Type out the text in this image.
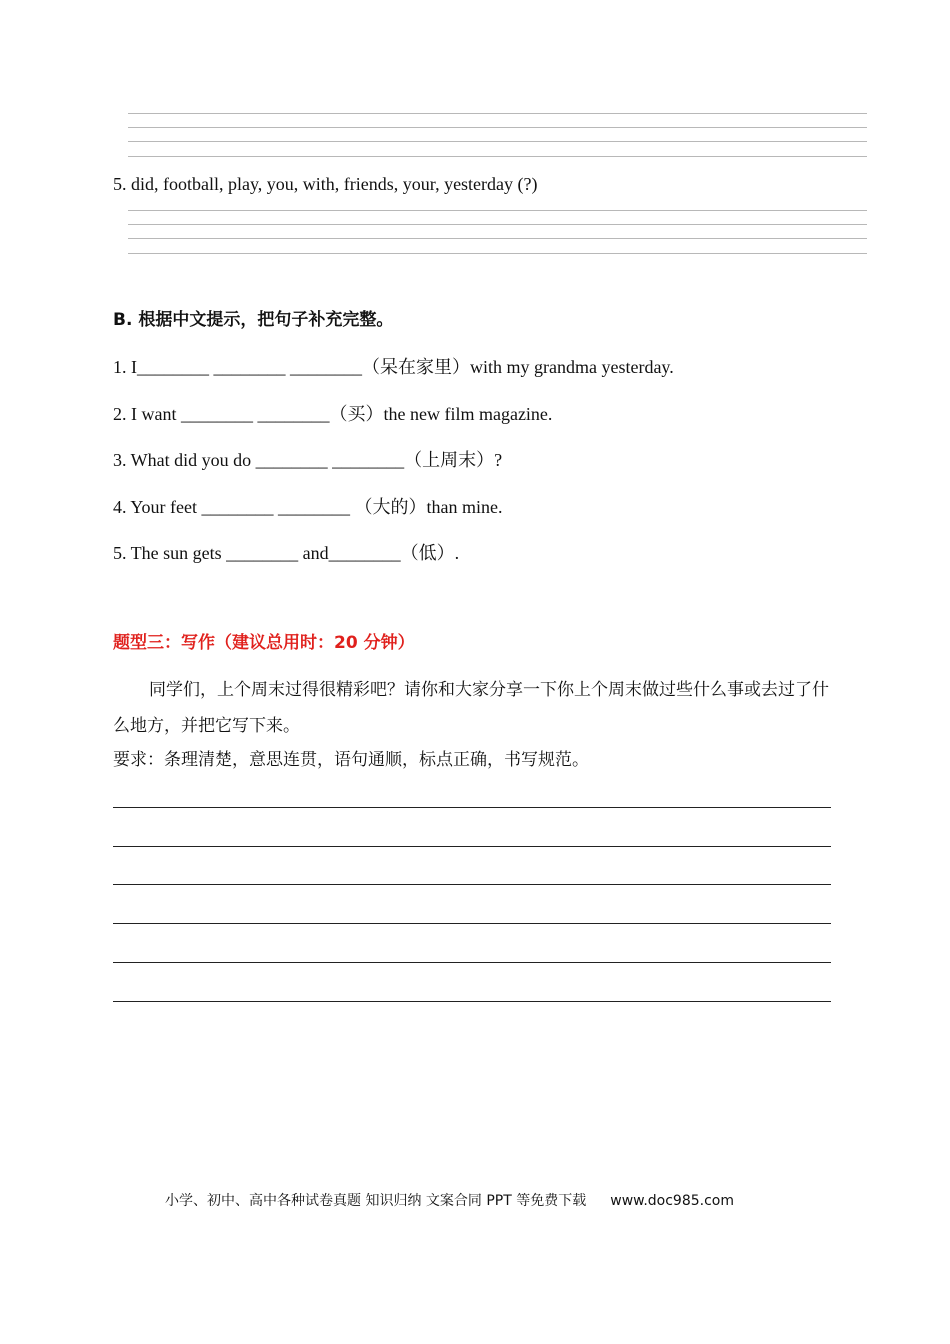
5. did, football, play, you, with, friends, your, yesterday (?)
B. 根据中文提示，把句子补充完整。
1. I________ ________ ________（呆在家里）with my grandma yesterday.
2. I want ________ ________（买）the new film magazine.
3. What did you do ________ ________（上周末）?
4. Your feet ________ ________ （大的）than mine.
5. The sun gets ________ and________（低）.
题型三：写作（建议总用时：20 分钟）
同学们，上个周末过得很精彩吧？请你和大家分享一下你上个周末做过些什么事或去过了什么地方，并把它写下来。
要求：条理清楚，意思连贯，语句通顺，标点正确，书写规范。
小学、初中、高中各种试卷真题 知识归纳 文案合同 PPT 等免费下载 www.doc985.com
